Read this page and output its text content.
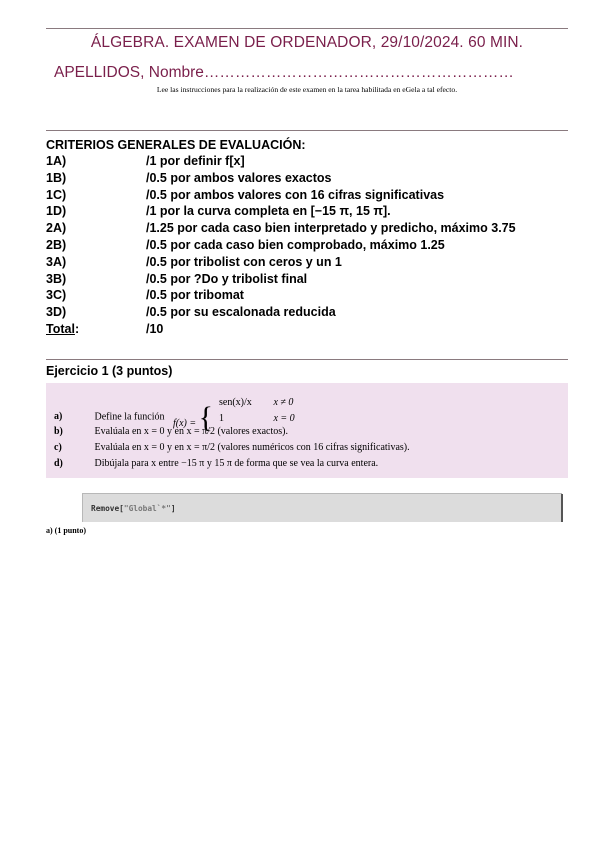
ÁLGEBRA. EXAMEN DE ORDENADOR, 29/10/2024. 60 MIN.
APELLIDOS, Nombre……………………………………………………
Lee las instrucciones para la realización de este examen en la tarea habilitada en eGela a tal efecto.
CRITERIOS GENERALES DE EVALUACIÓN:
1A)	/1 por definir f[x]
1B)	/0.5 por ambos valores exactos
1C)	/0.5 por ambos valores con 16 cifras significativas
1D)	/1 por la curva completa en [−15 π, 15 π].
2A)	/1.25 por cada caso bien interpretado y predicho, máximo 3.75
2B)	/0.5 por cada caso bien comprobado, máximo 1.25
3A)	/0.5 por tribolist con ceros y un 1
3B)	/0.5 por ?Do y tribolist final
3C)	/0.5 por tribomat
3D)	/0.5 por su escalonada reducida
Total:	/10
Ejercicio 1 (3 puntos)
a)	Define la función f(x) = { sen(x)/x x ≠ 0
1	x = 0
b)	Evalúala en x = 0 y en x = π/2 (valores exactos).
c)	Evalúala en x = 0 y en x = π/2 (valores numéricos con 16 cifras significativas).
d)	Dibújala para x entre −15 π y 15 π de forma que se vea la curva entera.
Remove["Global`*"]
a) (1 punto)
